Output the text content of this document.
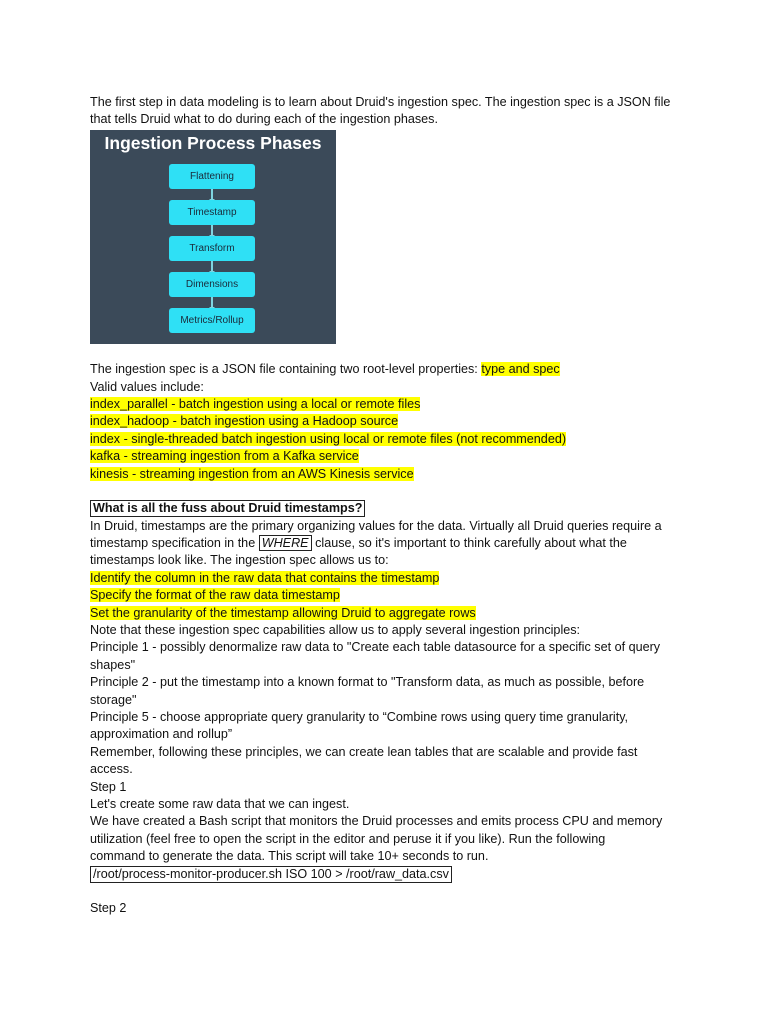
The first step in data modeling is to learn about Druid's ingestion spec. The ingestion spec is a JSON file
that tells Druid what to do during each of the ingestion phases.
Ingestion Process Phases
Flattening
Timestamp
Transform
Dimensions
Metrics/Rollup
The ingestion spec is a JSON file containing two root-level properties: type and spec
Valid values include:
index_parallel - batch ingestion using a local or remote files
index_hadoop - batch ingestion using a Hadoop source
index - single-threaded batch ingestion using local or remote files (not recommended)
kafka - streaming ingestion from a Kafka service
kinesis - streaming ingestion from an AWS Kinesis service
What is all the fuss about Druid timestamps?
In Druid, timestamps are the primary organizing values for the data. Virtually all Druid queries require a
timestamp specification in the WHERE clause, so it's important to think carefully about what the
timestamps look like. The ingestion spec allows us to:
Identify the column in the raw data that contains the timestamp
Specify the format of the raw data timestamp
Set the granularity of the timestamp allowing Druid to aggregate rows
Note that these ingestion spec capabilities allow us to apply several ingestion principles:
Principle 1 - possibly denormalize raw data to "Create each table datasource for a specific set of query
shapes"
Principle 2 - put the timestamp into a known format to "Transform data, as much as possible, before
storage"
Principle 5 - choose appropriate query granularity to “Combine rows using query time granularity,
approximation and rollup”
Remember, following these principles, we can create lean tables that are scalable and provide fast
access.
Step 1
Let's create some raw data that we can ingest.
We have created a Bash script that monitors the Druid processes and emits process CPU and memory
utilization (feel free to open the script in the editor and peruse it if you like). Run the following
command to generate the data. This script will take 10+ seconds to run.
/root/process-monitor-producer.sh ISO 100 > /root/raw_data.csv
Step 2
